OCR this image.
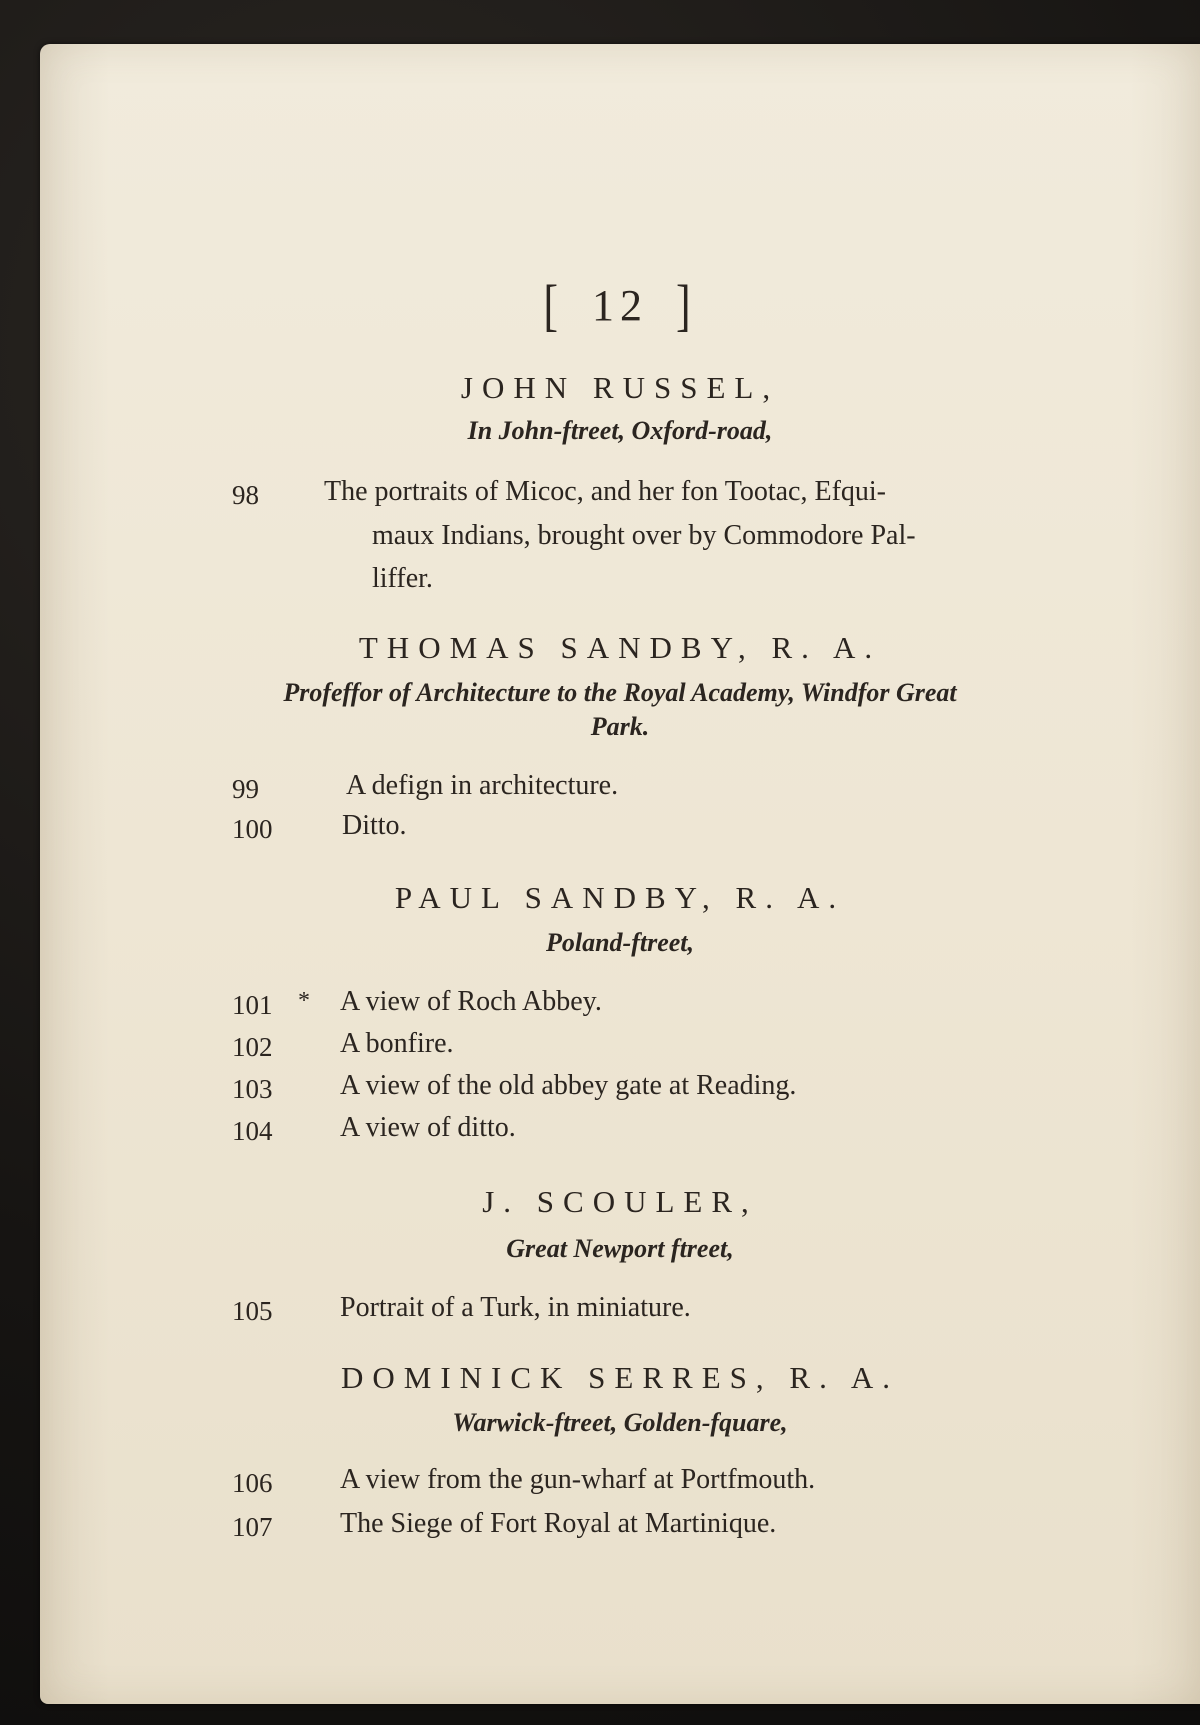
[ 12 ]
JOHN RUSSEL,
In John-ftreet, Oxford-road,
98	The portraits of Micoc, and her fon Tootac, Efqui-
maux Indians, brought over by Commodore Pal-
liffer.
THOMAS SANDBY, R. A.
Profeffor of Architecture to the Royal Academy, Windfor Great
Park.
99	A defign in architecture.
100	Ditto.
PAUL SANDBY, R. A.
Poland-ftreet,
101	* A view of Roch Abbey.
102	A bonfire.
103	A view of the old abbey gate at Reading.
104	A view of ditto.
J. SCOULER,
Great Newport ftreet,
105	Portrait of a Turk, in miniature.
DOMINICK SERRES, R. A.
Warwick-ftreet, Golden-fquare,
106	A view from the gun-wharf at Portfmouth.
107	The Siege of Fort Royal at Martinique.
